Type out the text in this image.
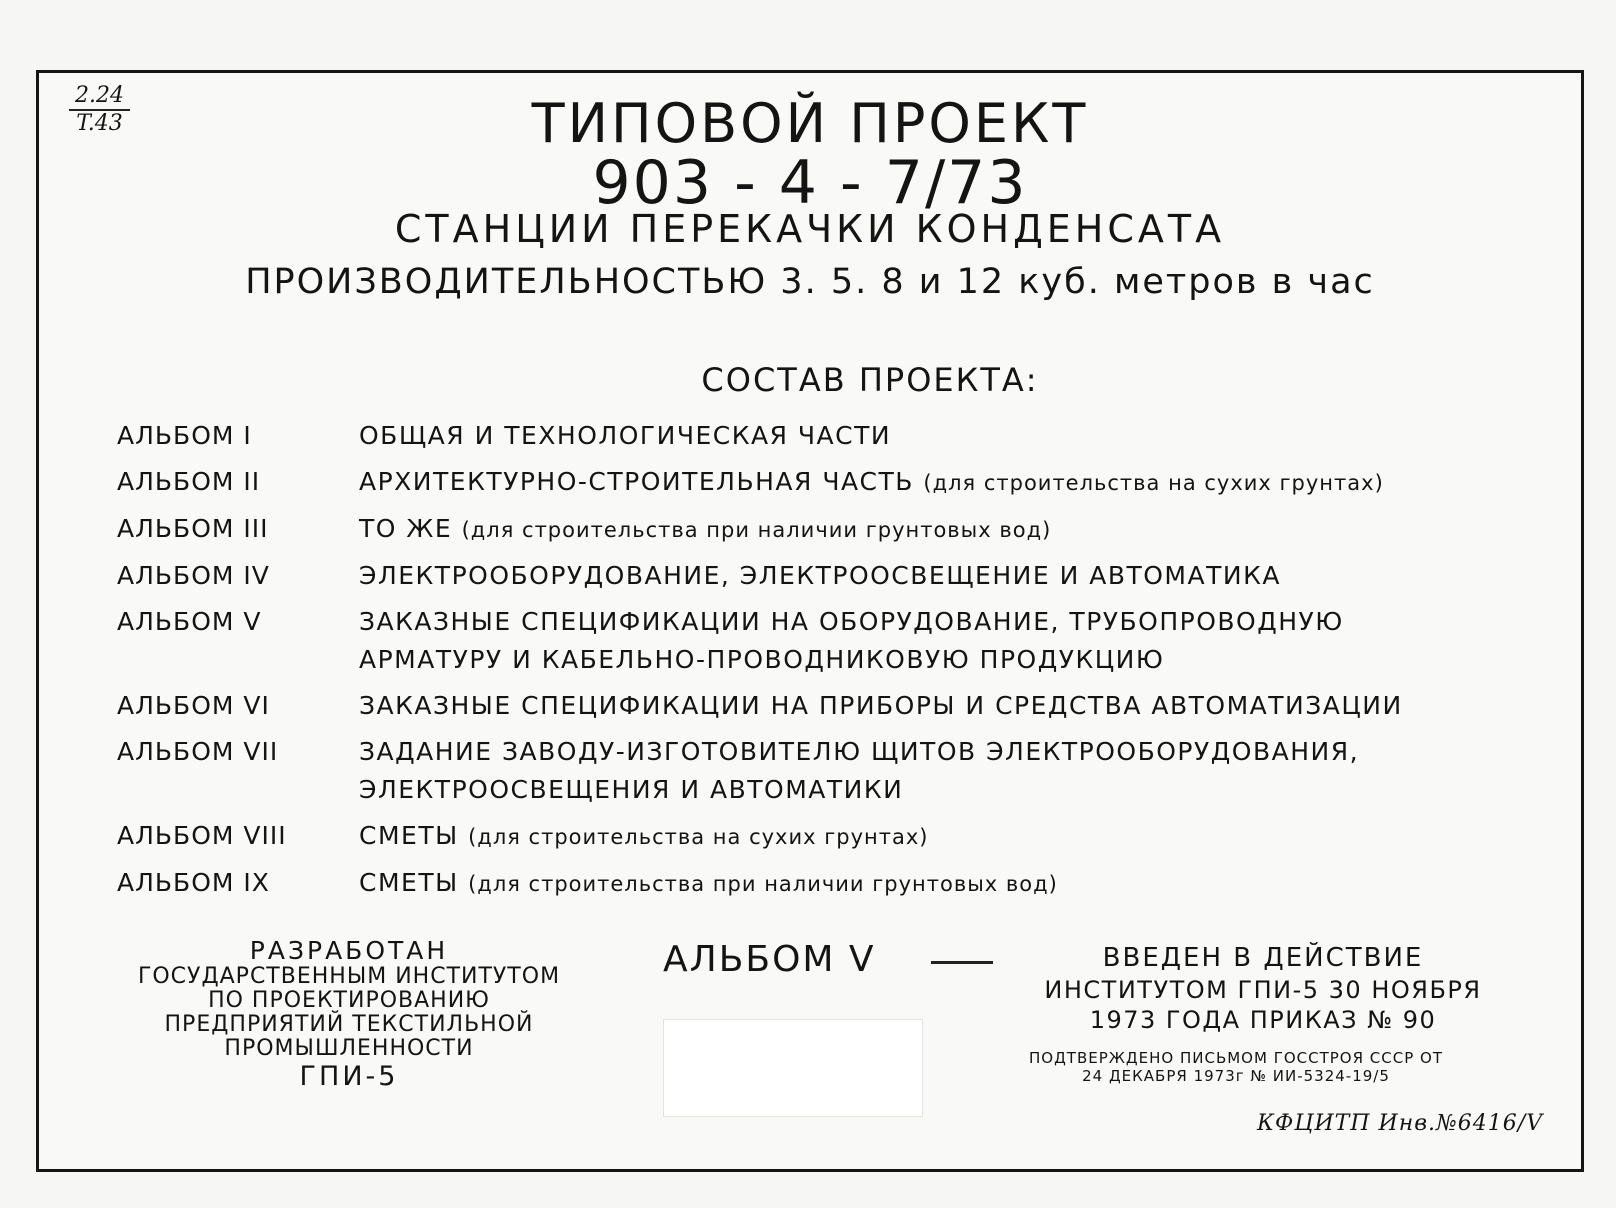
2.24
T.43	ТИПОВОЙ ПРОЕКТ
903 - 4 - 7/73
СТАНЦИИ ПЕРЕКАЧКИ КОНДЕНСАТА
ПРОИЗВОДИТЕЛЬНОСТЬЮ 3. 5. 8 и 12 куб. метров в час
СОСТАВ ПРОЕКТА:
АЛЬБОМ I	ОБЩАЯ И ТЕХНОЛОГИЧЕСКАЯ ЧАСТИ
АЛЬБОМ II	АРХИТЕКТУРНО-СТРОИТЕЛЬНАЯ ЧАСТЬ (для строительства на сухих грунтах)
АЛЬБОМ III	ТО ЖЕ (для строительства при наличии грунтовых вод)
АЛЬБОМ IV	ЭЛЕКТРООБОРУДОВАНИЕ, ЭЛЕКТРООСВЕЩЕНИЕ И АВТОМАТИКА
АЛЬБОМ V	ЗАКАЗНЫЕ СПЕЦИФИКАЦИИ НА ОБОРУДОВАНИЕ, ТРУБОПРОВОДНУЮ
АРМАТУРУ И КАБЕЛЬНО-ПРОВОДНИКОВУЮ ПРОДУКЦИЮ
АЛЬБОМ VI	ЗАКАЗНЫЕ СПЕЦИФИКАЦИИ НА ПРИБОРЫ И СРЕДСТВА АВТОМАТИЗАЦИИ
АЛЬБОМ VII	ЗАДАНИЕ ЗАВОДУ-ИЗГОТОВИТЕЛЮ ЩИТОВ ЭЛЕКТРООБОРУДОВАНИЯ,
ЭЛЕКТРООСВЕЩЕНИЯ И АВТОМАТИКИ
АЛЬБОМ VIII	СМЕТЫ (для строительства на сухих грунтах)
АЛЬБОМ IX	СМЕТЫ (для строительства при наличии грунтовых вод)
РАЗРАБОТАН
ГОСУДАРСТВЕННЫМ ИНСТИТУТОМ
ПО ПРОЕКТИРОВАНИЮ
ПРЕДПРИЯТИЙ ТЕКСТИЛЬНОЙ
ПРОМЫШЛЕННОСТИ
ГПИ-5
АЛЬБОМ V	ВВЕДЕН В ДЕЙСТВИЕ
ИНСТИТУТОМ ГПИ-5 30 НОЯБРЯ
1973 ГОДА ПРИКАЗ № 90
ПОДТВЕРЖДЕНО ПИСЬМОМ ГОССТРОЯ СССР ОТ
24 ДЕКАБРЯ 1973г № ИИ-5324-19/5
КФЦИТП Инв.№6416/V
